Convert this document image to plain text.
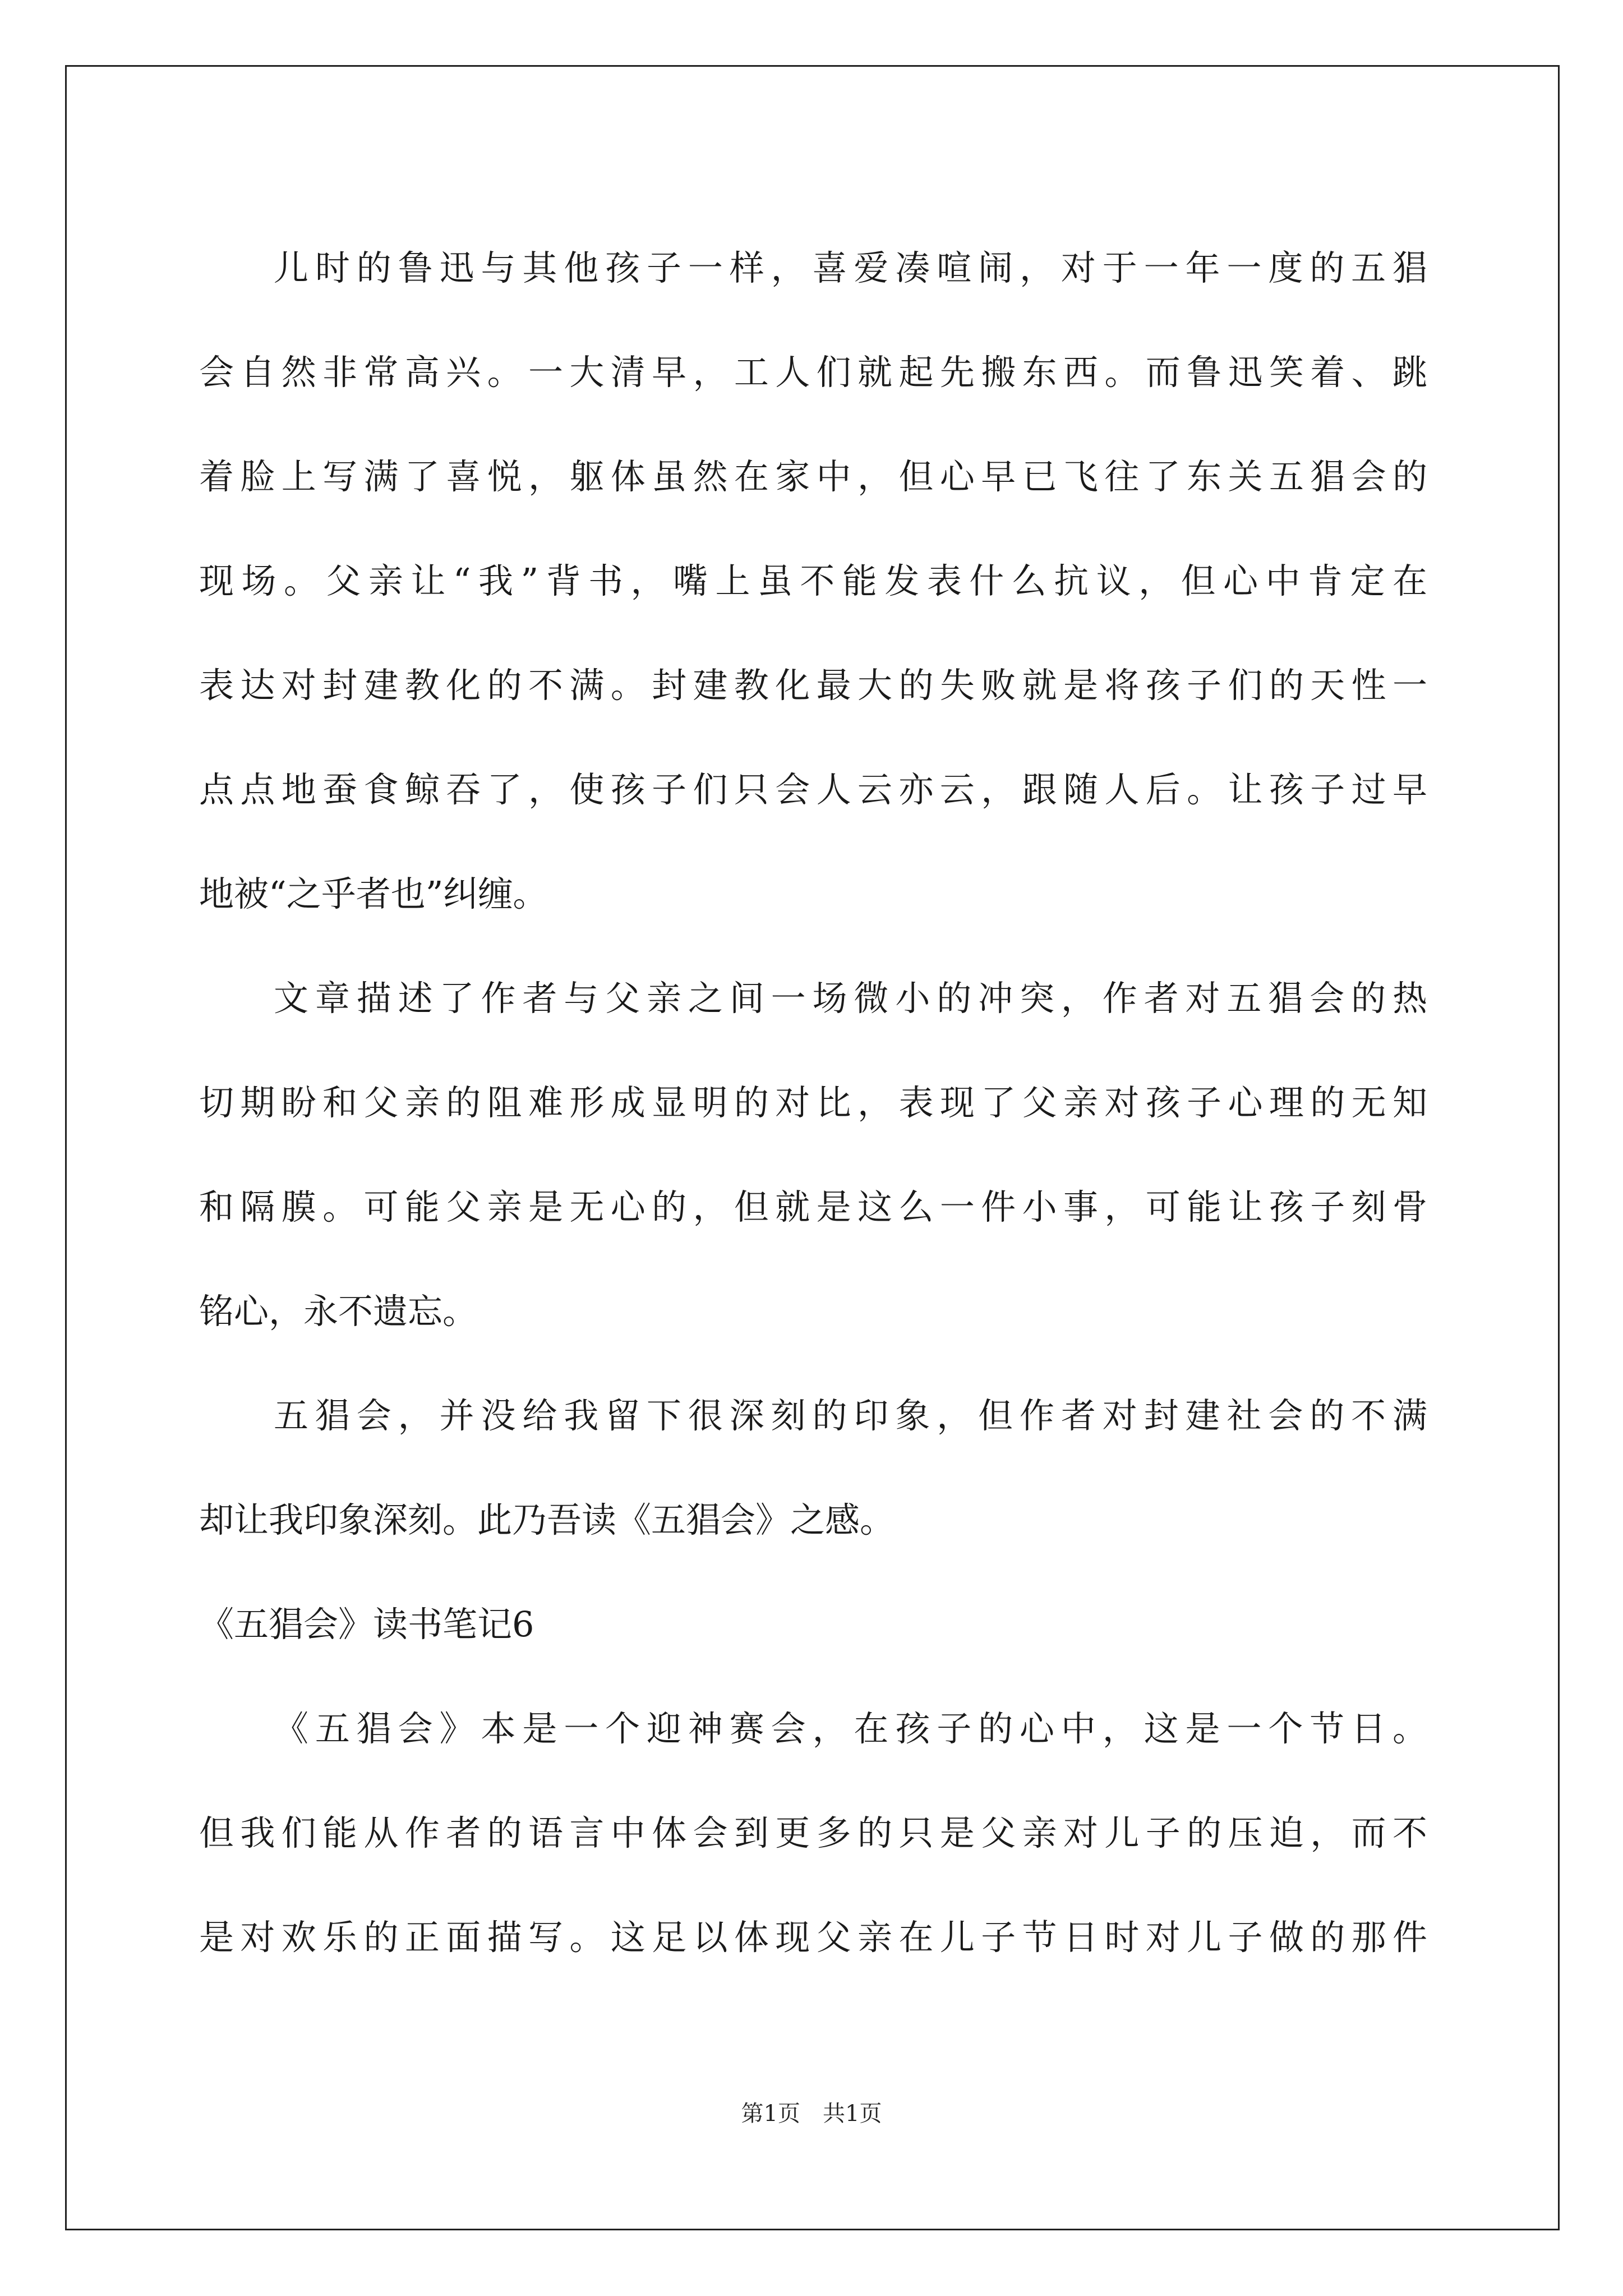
儿时的鲁迅与其他孩子一样，喜爱凑喧闹，对于一年一度的五猖
会自然非常高兴。一大清早，工人们就起先搬东西。而鲁迅笑着、跳
着脸上写满了喜悦，躯体虽然在家中，但心早已飞往了东关五猖会的
现场。父亲让“我”背书，嘴上虽不能发表什么抗议，但心中肯定在
表达对封建教化的不满。封建教化最大的失败就是将孩子们的天性一
点点地蚕食鲸吞了，使孩子们只会人云亦云，跟随人后。让孩子过早
地被“之乎者也”纠缠。
文章描述了作者与父亲之间一场微小的冲突，作者对五猖会的热
切期盼和父亲的阻难形成显明的对比，表现了父亲对孩子心理的无知
和隔膜。可能父亲是无心的，但就是这么一件小事，可能让孩子刻骨
铭心，永不遗忘。
五猖会，并没给我留下很深刻的印象，但作者对封建社会的不满
却让我印象深刻。此乃吾读《五猖会》之感。
《五猖会》读书笔记6
《五猖会》本是一个迎神赛会，在孩子的心中，这是一个节日。
但我们能从作者的语言中体会到更多的只是父亲对儿子的压迫，而不
是对欢乐的正面描写。这足以体现父亲在儿子节日时对儿子做的那件
第1页　共1页
